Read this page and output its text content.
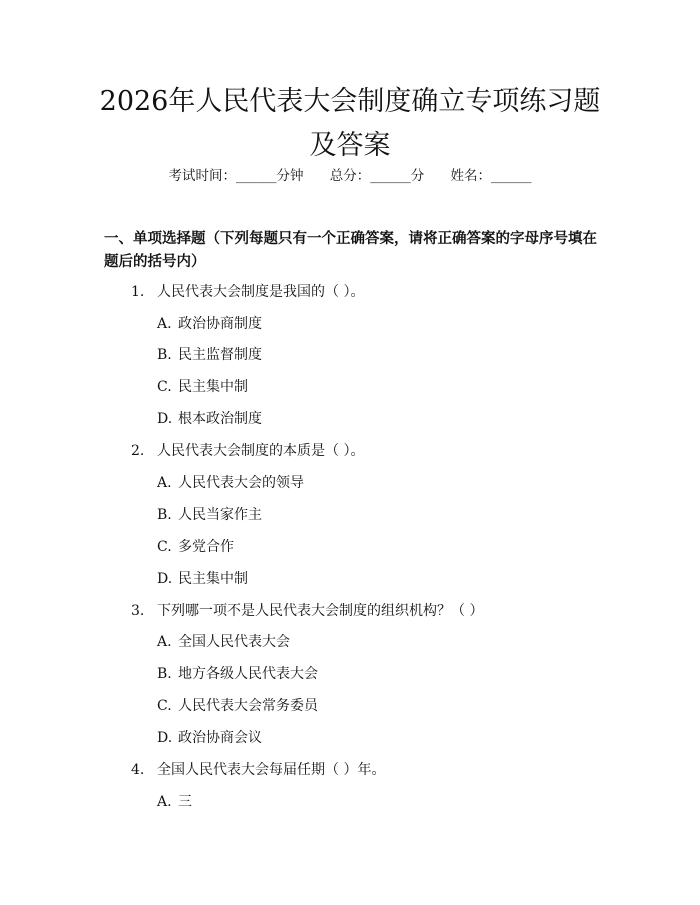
2026年人民代表大会制度确立专项练习题及答案
考试时间：______分钟 总分：______分 姓名：______
一、单项选择题（下列每题只有一个正确答案，请将正确答案的字母序号填在题后的括号内）
1. 人民代表大会制度是我国的（ ）。
A. 政治协商制度
B. 民主监督制度
C. 民主集中制
D. 根本政治制度
2. 人民代表大会制度的本质是（ ）。
A. 人民代表大会的领导
B. 人民当家作主
C. 多党合作
D. 民主集中制
3. 下列哪一项不是人民代表大会制度的组织机构？（ ）
A. 全国人民代表大会
B. 地方各级人民代表大会
C. 人民代表大会常务委员
D. 政治协商会议
4. 全国人民代表大会每届任期（ ）年。
A. 三
